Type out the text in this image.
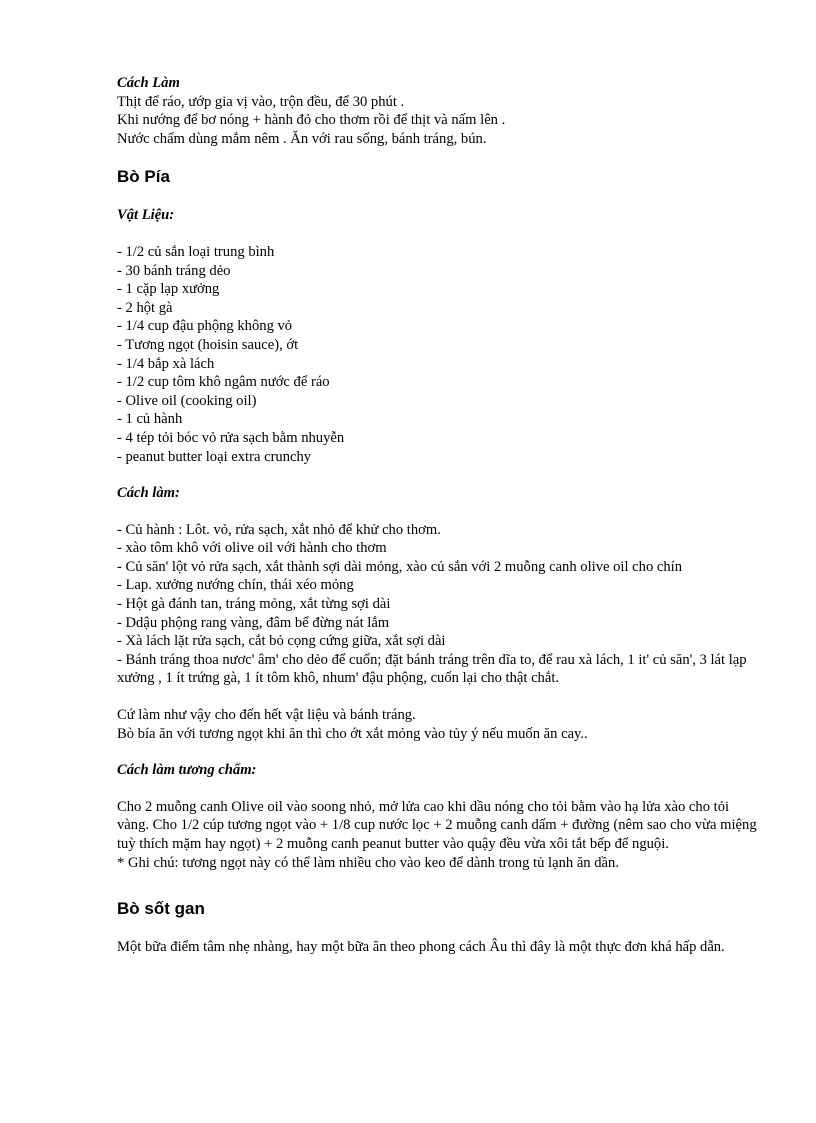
Cách Làm
Thịt để ráo, ướp gia vị vào, trộn đều, để 30 phút .
Khi nướng để bơ nóng + hành đỏ cho thơm rồi để thịt và nấm lên .
Nước chấm dùng mắm nêm . Ăn với rau sống, bánh tráng, bún.
Bò Pía
Vật Liệu:
- 1/2 củ sắn loại trung bình
- 30 bánh tráng dẻo
- 1 cặp lạp xưởng
- 2 hột gà
- 1/4 cup đậu phộng không vỏ
- Tương ngọt (hoisin sauce), ớt
- 1/4 bắp xà lách
- 1/2 cup tôm khô ngâm nước để ráo
- Olive oil (cooking oil)
- 1 củ hành
- 4 tép tỏi bóc vỏ rửa sạch bằm nhuyễn
- peanut butter loại extra crunchy
Cách làm:
- Củ hành : Lôt. vỏ, rửa sạch, xắt nhỏ để khử cho thơm.
- xào tôm khô với olive oil với hành cho thơm
- Củ săn' lột vỏ rửa sạch, xắt thành sợi dài mỏng, xào củ sắn với 2 muỗng canh olive oil cho chín
- Lap. xưởng nướng chín, thái xéo mỏng
- Hột gà đánh tan, tráng mỏng, xắt từng sợi dài
- Ddậu phộng rang vàng, đâm bể đừng nát lắm
- Xà lách lặt rửa sạch, cắt bỏ cọng cứng giữa, xắt sợi dài
- Bánh tráng thoa nươc' âm' cho dẻo để cuốn; đặt bánh tráng trên dĩa to, để rau xà lách, 1 it' củ săn', 3 lát lạp xưởng , 1 ít trứng gà, 1 ít tôm khô, nhum' đậu phộng, cuốn lại cho thật chắt.
Cứ làm như vậy cho đến hết vật liệu và bánh tráng.
Bò bía ăn với tương ngọt khi ăn thì cho ớt xắt mỏng vào tủy ý nếu muốn ăn cay..
Cách làm tương chấm:

Cho 2 muỗng canh Olive oil vào soong nhỏ, mở lửa cao khi dầu nóng cho tỏi bằm vào hạ lửa xào cho tỏi vàng. Cho 1/2 cúp tương ngọt vào + 1/8 cup nước lọc + 2 muỗng canh dấm + đường (nêm sao cho vừa miệng tuỳ thích mặm hay ngọt) + 2 muỗng canh peanut butter vào quậy đều vừa xôi tắt bếp để nguội.

* Ghi chú: tương ngọt này có thể làm nhiều cho vào keo để dành trong tủ lạnh ăn dần.

Bò sốt gan

Một bữa điểm tâm nhẹ nhàng, hay một bữa ăn theo phong cách Âu thì đây là một thực đơn khá hấp dẫn.
